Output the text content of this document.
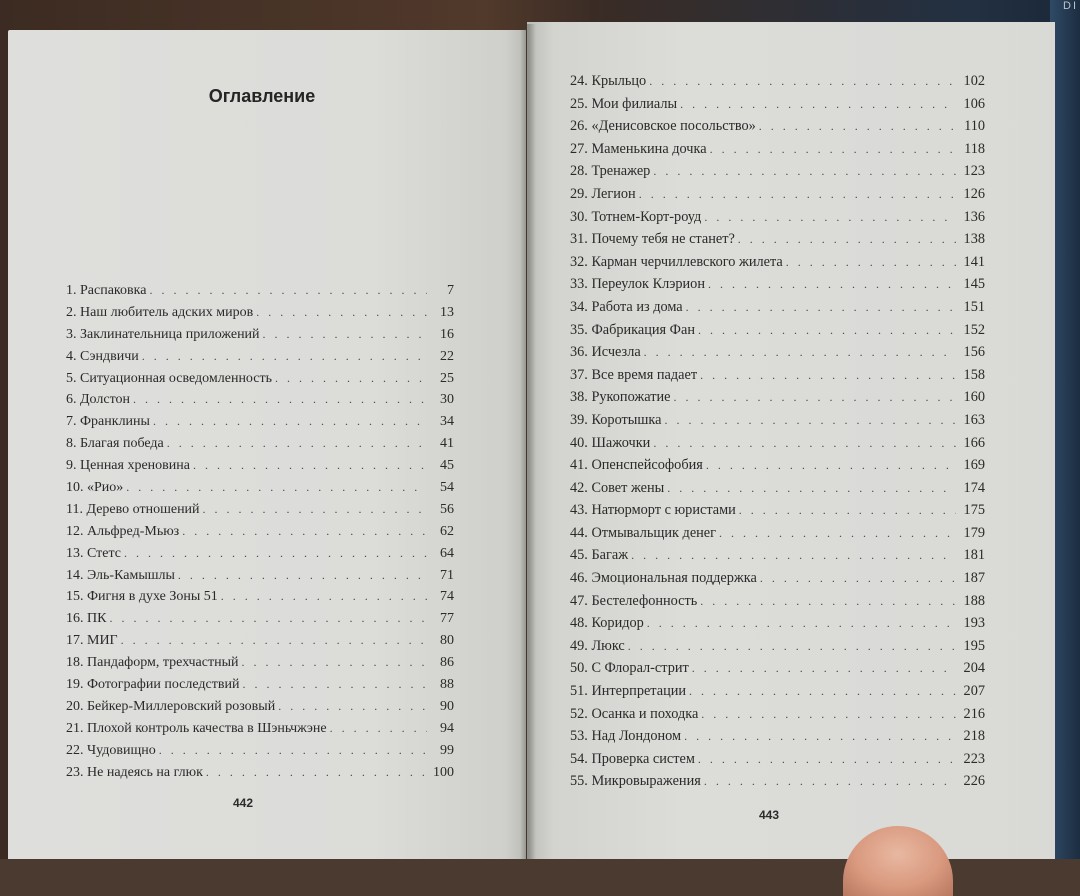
DI
Оглавление
1. Распаковка . . .	7
2. Наш любитель адских миров . . .	13
3. Заклинательница приложений . . .	16
4. Сэндвичи . . .	22
5. Ситуационная осведомленность . . .	25
6. Долстон . . .	30
7. Франклины . . .	34
8. Благая победа . . .	41
9. Ценная хреновина . . .	45
10. «Рио» . . .	54
11. Дерево отношений . . .	56
12. Альфред-Мьюз . . .	62
13. Стетс . . .	64
14. Эль-Камышлы . . .	71
15. Фигня в духе Зоны 51 . . .	74
16. ПК . . .	77
17. МИГ . . .	80
18. Пандаформ, трехчастный . . .	86
19. Фотографии последствий . . .	88
20. Бейкер-Миллеровский розовый . . .	90
21. Плохой контроль качества в Шэньчжэне . . .	94
22. Чудовищно . . .	99
23. Не надеясь на глюк . . .	100
24. Крыльцо . . .	102
25. Мои филиалы . . .	106
26. «Денисовское посольство» . . .	110
27. Маменькина дочка . . .	118
28. Тренажер . . .	123
29. Легион . . .	126
30. Тотнем-Корт-роуд . . .	136
31. Почему тебя не станет? . . .	138
32. Карман черчиллевского жилета . . .	141
33. Переулок Клэрион . . .	145
34. Работа из дома . . .	151
35. Фабрикация Фан . . .	152
36. Исчезла . . .	156
37. Все время падает . . .	158
38. Рукопожатие . . .	160
39. Коротышка . . .	163
40. Шажочки . . .	166
41. Опенспейсофобия . . .	169
42. Совет жены . . .	174
43. Натюрморт с юристами . . .	175
44. Отмывальщик денег . . .	179
45. Багаж . . .	181
46. Эмоциональная поддержка . . .	187
47. Бестелефонность . . .	188
48. Коридор . . .	193
49. Люкс . . .	195
50. С Флорал-стрит . . .	204
51. Интерпретации . . .	207
52. Осанка и походка . . .	216
53. Над Лондоном . . .	218
54. Проверка систем . . .	223
55. Микровыражения . . .	226
442
443
